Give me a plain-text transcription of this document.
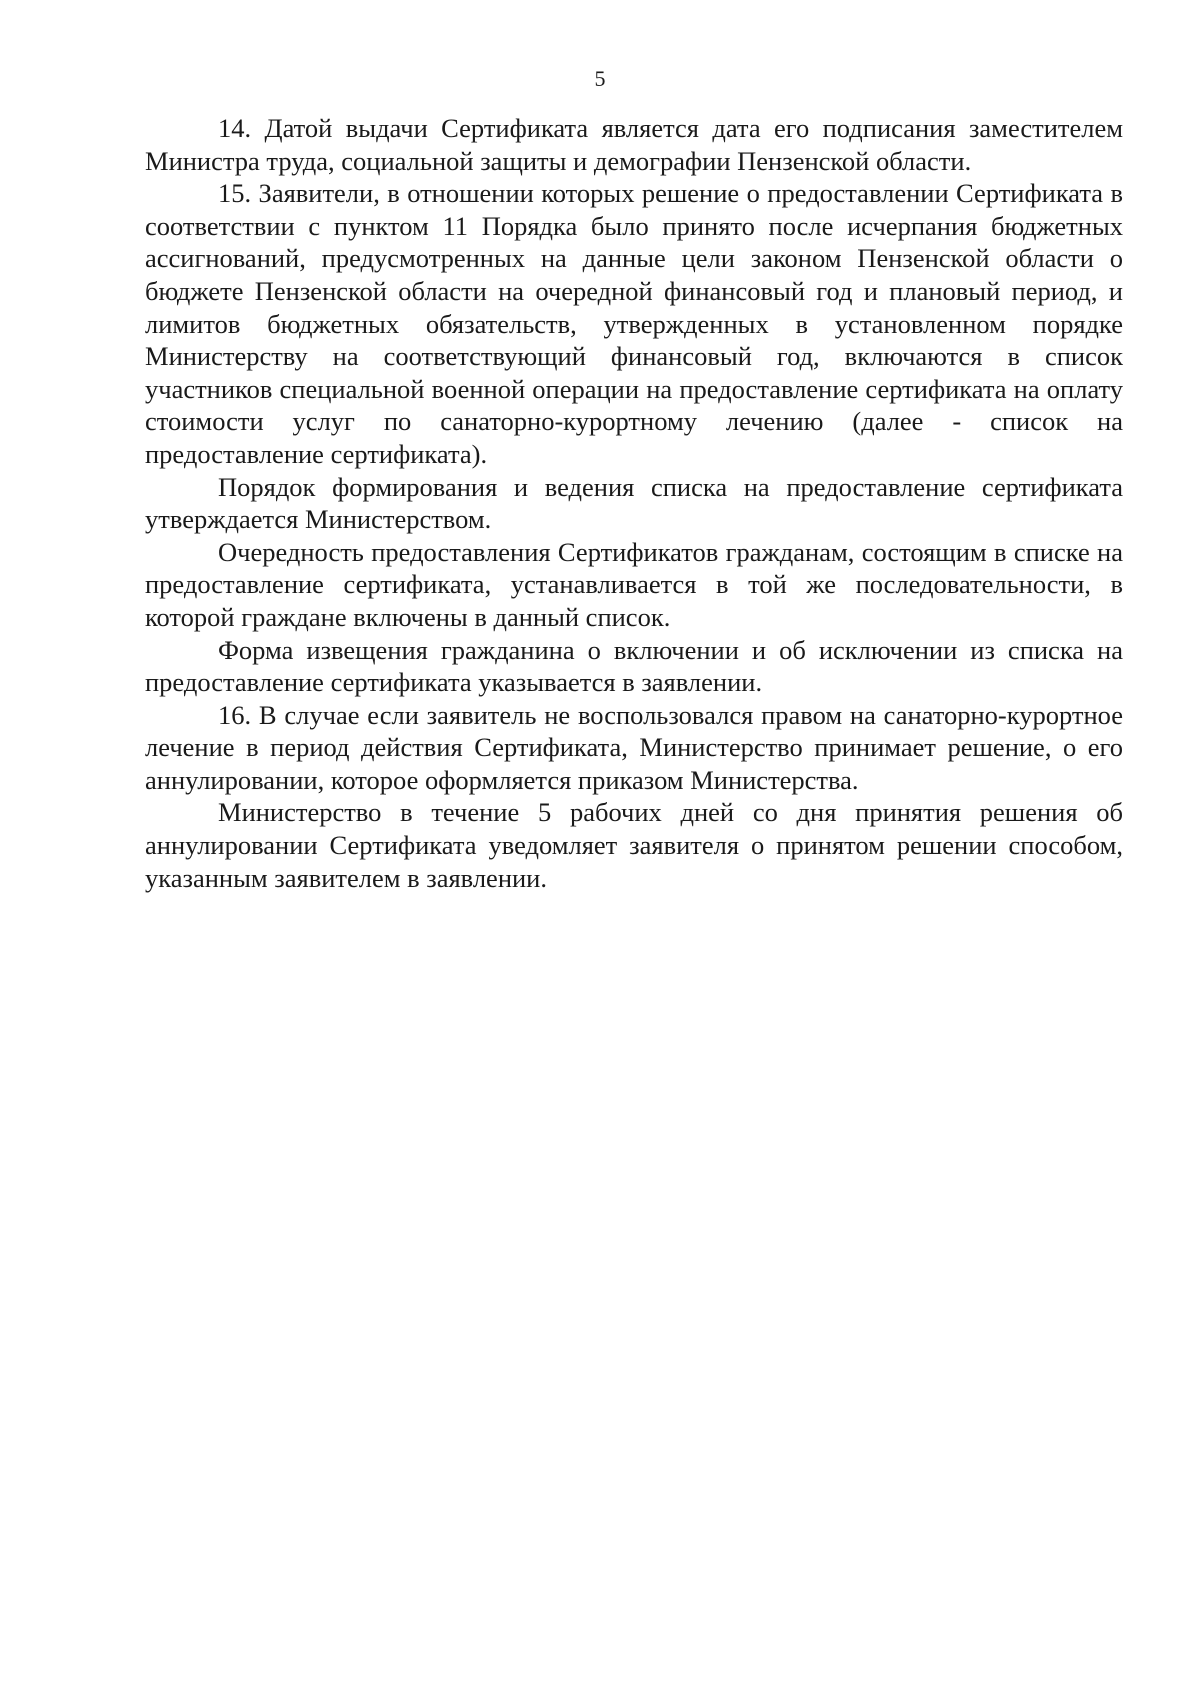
5

14. Датой выдачи Сертификата является дата его подписания заместителем Министра труда, социальной защиты и демографии Пензенской области.

15. Заявители, в отношении которых решение о предоставлении Сертификата в соответствии с пунктом 11 Порядка было принято после исчерпания бюджетных ассигнований, предусмотренных на данные цели законом Пензенской области о бюджете Пензенской области на очередной финансовый год и плановый период, и лимитов бюджетных обязательств, утвержденных в установленном порядке Министерству на соответствующий финансовый год, включаются в список участников специальной военной операции на предоставление сертификата на оплату стоимости услуг по санаторно-курортному лечению (далее - список на предоставление сертификата).

Порядок формирования и ведения списка на предоставление сертификата утверждается Министерством.

Очередность предоставления Сертификатов гражданам, состоящим в списке на предоставление сертификата, устанавливается в той же последовательности, в которой граждане включены в данный список.

Форма извещения гражданина о включении и об исключении из списка на предоставление сертификата указывается в заявлении.

16. В случае если заявитель не воспользовался правом на санаторно-курортное лечение в период действия Сертификата, Министерство принимает решение, о его аннулировании, которое оформляется приказом Министерства.

Министерство в течение 5 рабочих дней со дня принятия решения об аннулировании Сертификата уведомляет заявителя о принятом решении способом, указанным заявителем в заявлении.
